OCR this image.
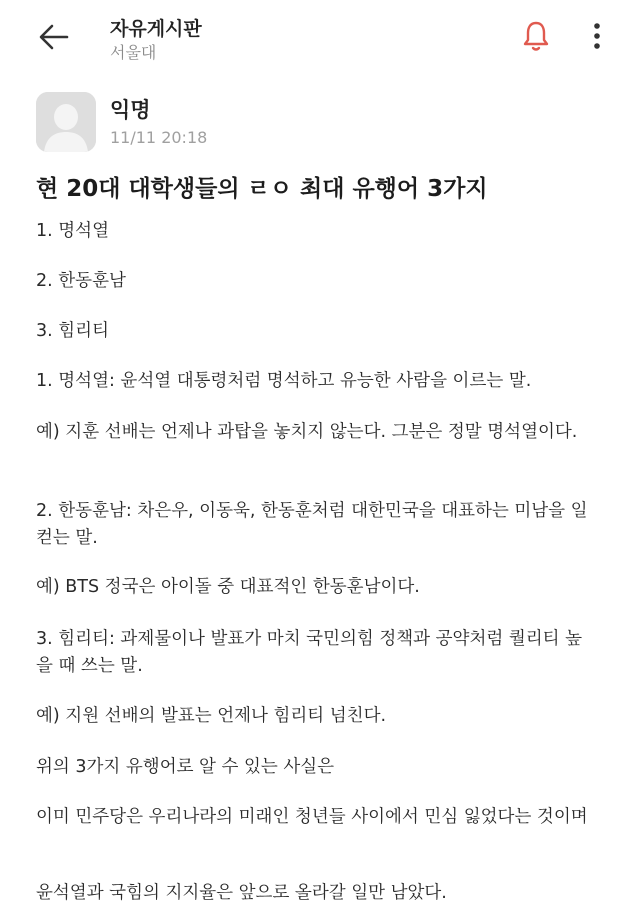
자유게시판
서울대
익명
11/11 20:18
현 20대 대학생들의 ㄹㅇ 최대 유행어 3가지

1. 명석열

2. 한동훈남

3. 힘리티

1. 명석열: 윤석열 대통령처럼 명석하고 유능한 사람을 이르는 말.

예) 지훈 선배는 언제나 과탑을 놓치지 않는다. 그분은 정말 명석열이다.

2. 한동훈남: 차은우, 이동욱, 한동훈처럼 대한민국을 대표하는 미남을 일컫는 말.

예) BTS 정국은 아이돌 중 대표적인 한동훈남이다.

3. 힘리티: 과제물이나 발표가 마치 국민의힘 정책과 공약처럼 퀄리티 높을 때 쓰는 말.

예) 지원 선배의 발표는 언제나 힘리티 넘친다.

위의 3가지 유행어로 알 수 있는 사실은

이미 민주당은 우리나라의 미래인 청년들 사이에서 민심 잃었다는 것이며

윤석열과 국힘의 지지율은 앞으로 올라갈 일만 남았다.
